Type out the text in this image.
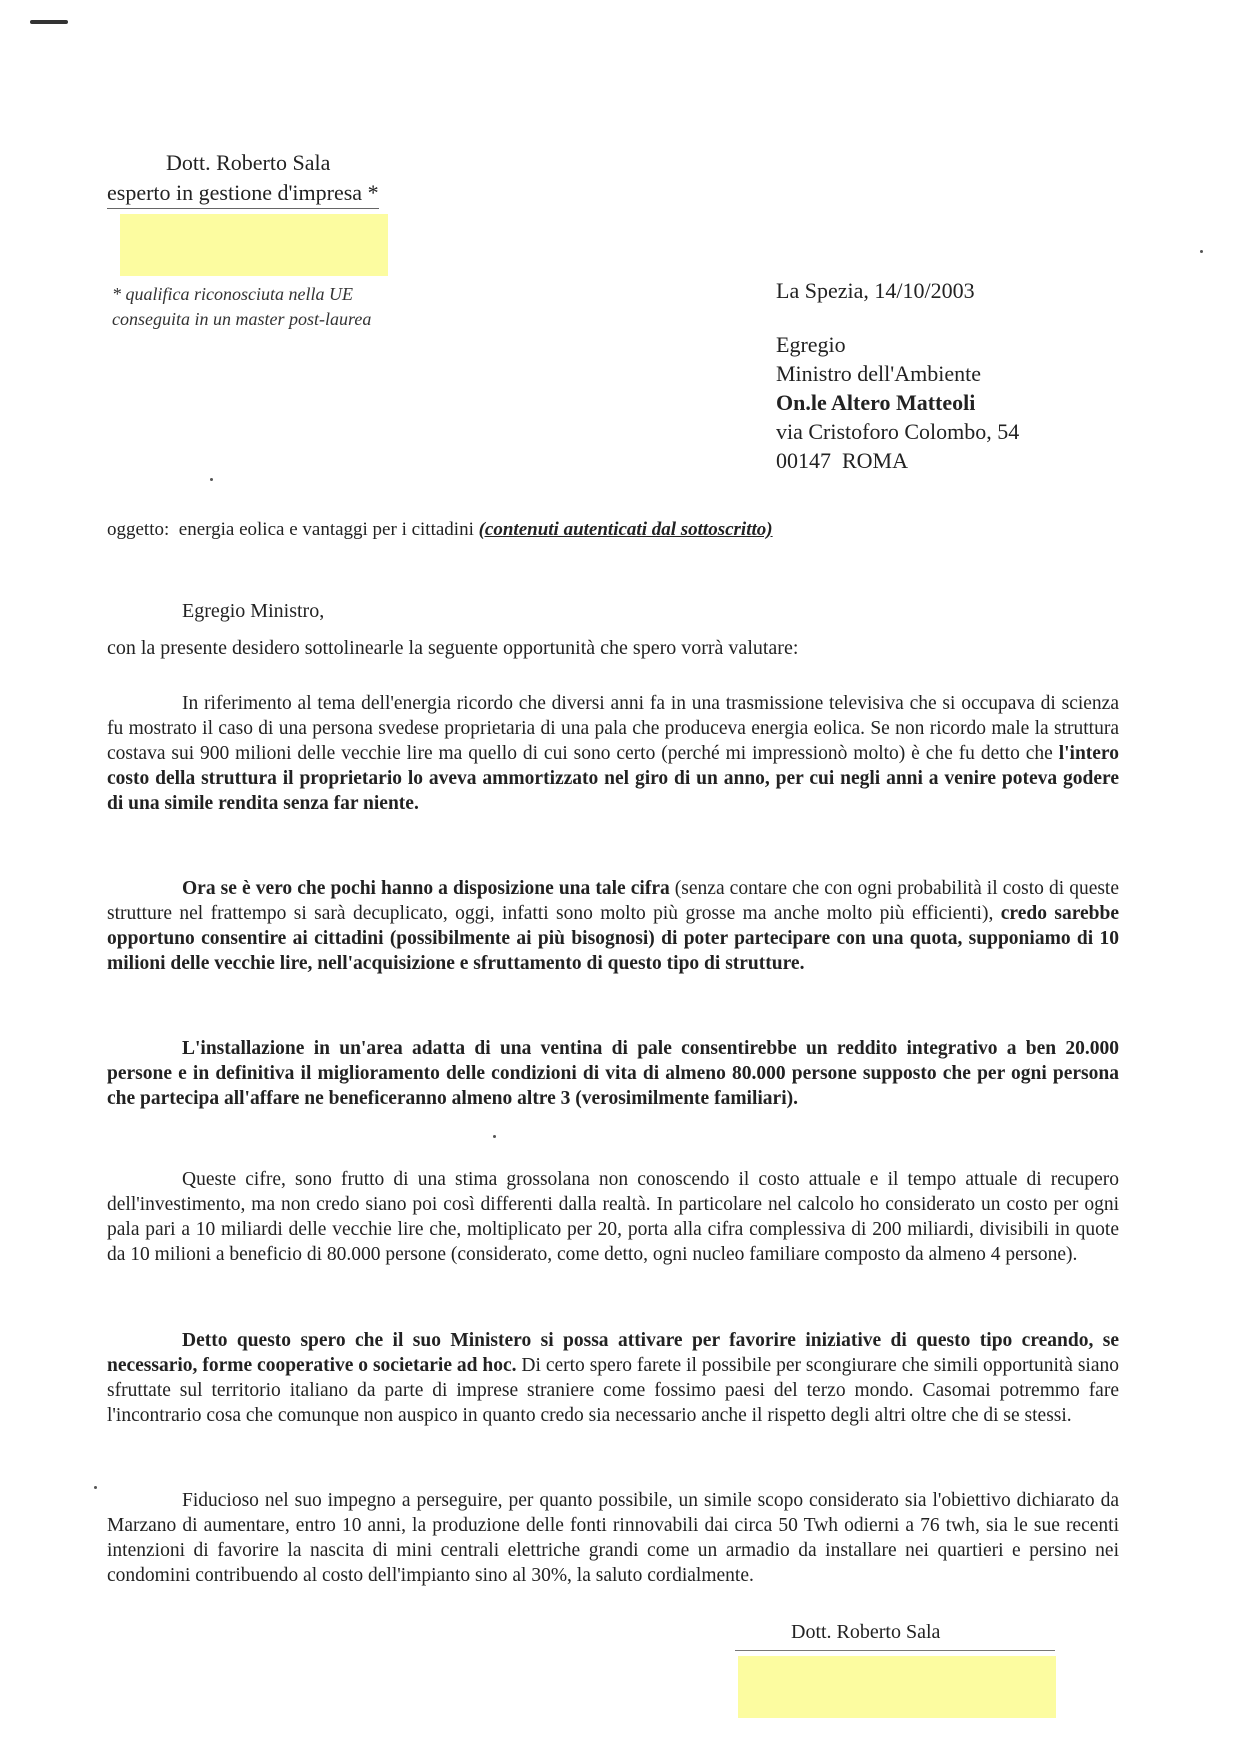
Dott. Roberto Sala

esperto in gestione d'impresa *

* qualifica riconosciuta nella UE
conseguita in un master post-laurea

La Spezia, 14/10/2003

Egregio
Ministro dell'Ambiente
On.le Altero Matteoli
via Cristoforo Colombo, 54
00147  ROMA

oggetto: energia eolica e vantaggi per i cittadini (contenuti autenticati dal sottoscritto)

Egregio Ministro,

con la presente desidero sottolinearle la seguente opportunità che spero vorrà valutare:

In riferimento al tema dell'energia ricordo che diversi anni fa in una trasmissione televisiva che si occupava di scienza fu mostrato il caso di una persona svedese proprietaria di una pala che produceva energia eolica. Se non ricordo male la struttura costava sui 900 milioni delle vecchie lire ma quello di cui sono certo (perché mi impressionò molto) è che fu detto che l'intero costo della struttura il proprietario lo aveva ammortizzato nel giro di un anno, per cui negli anni a venire poteva godere di una simile rendita senza far niente.

Ora se è vero che pochi hanno a disposizione una tale cifra (senza contare che con ogni probabilità il costo di queste strutture nel frattempo si sarà decuplicato, oggi, infatti sono molto più grosse ma anche molto più efficienti), credo sarebbe opportuno consentire ai cittadini (possibilmente ai più bisognosi) di poter partecipare con una quota, supponiamo di 10 milioni delle vecchie lire, nell'acquisizione e sfruttamento di questo tipo di strutture.

L'installazione in un'area adatta di una ventina di pale consentirebbe un reddito integrativo a ben 20.000 persone e in definitiva il miglioramento delle condizioni di vita di almeno 80.000 persone supposto che per ogni persona che partecipa all'affare ne beneficeranno almeno altre 3 (verosimilmente familiari).

Queste cifre, sono frutto di una stima grossolana non conoscendo il costo attuale e il tempo attuale di recupero dell'investimento, ma non credo siano poi così differenti dalla realtà. In particolare nel calcolo ho considerato un costo per ogni pala pari a 10 miliardi delle vecchie lire che, moltiplicato per 20, porta alla cifra complessiva di 200 miliardi, divisibili in quote da 10 milioni a beneficio di 80.000 persone (considerato, come detto, ogni nucleo familiare composto da almeno 4 persone).

Detto questo spero che il suo Ministero si possa attivare per favorire iniziative di questo tipo creando, se necessario, forme cooperative o societarie ad hoc. Di certo spero farete il possibile per scongiurare che simili opportunità siano sfruttate sul territorio italiano da parte di imprese straniere come fossimo paesi del terzo mondo. Casomai potremmo fare l'incontrario cosa che comunque non auspico in quanto credo sia necessario anche il rispetto degli altri oltre che di se stessi.

Fiducioso nel suo impegno a perseguire, per quanto possibile, un simile scopo considerato sia l'obiettivo dichiarato da Marzano di aumentare, entro 10 anni, la produzione delle fonti rinnovabili dai circa 50 Twh odierni a 76 twh, sia le sue recenti intenzioni di favorire la nascita di mini centrali elettriche grandi come un armadio da installare nei quartieri e persino nei condomini contribuendo al costo dell'impianto sino al 30%, la saluto cordialmente.

Dott. Roberto Sala
